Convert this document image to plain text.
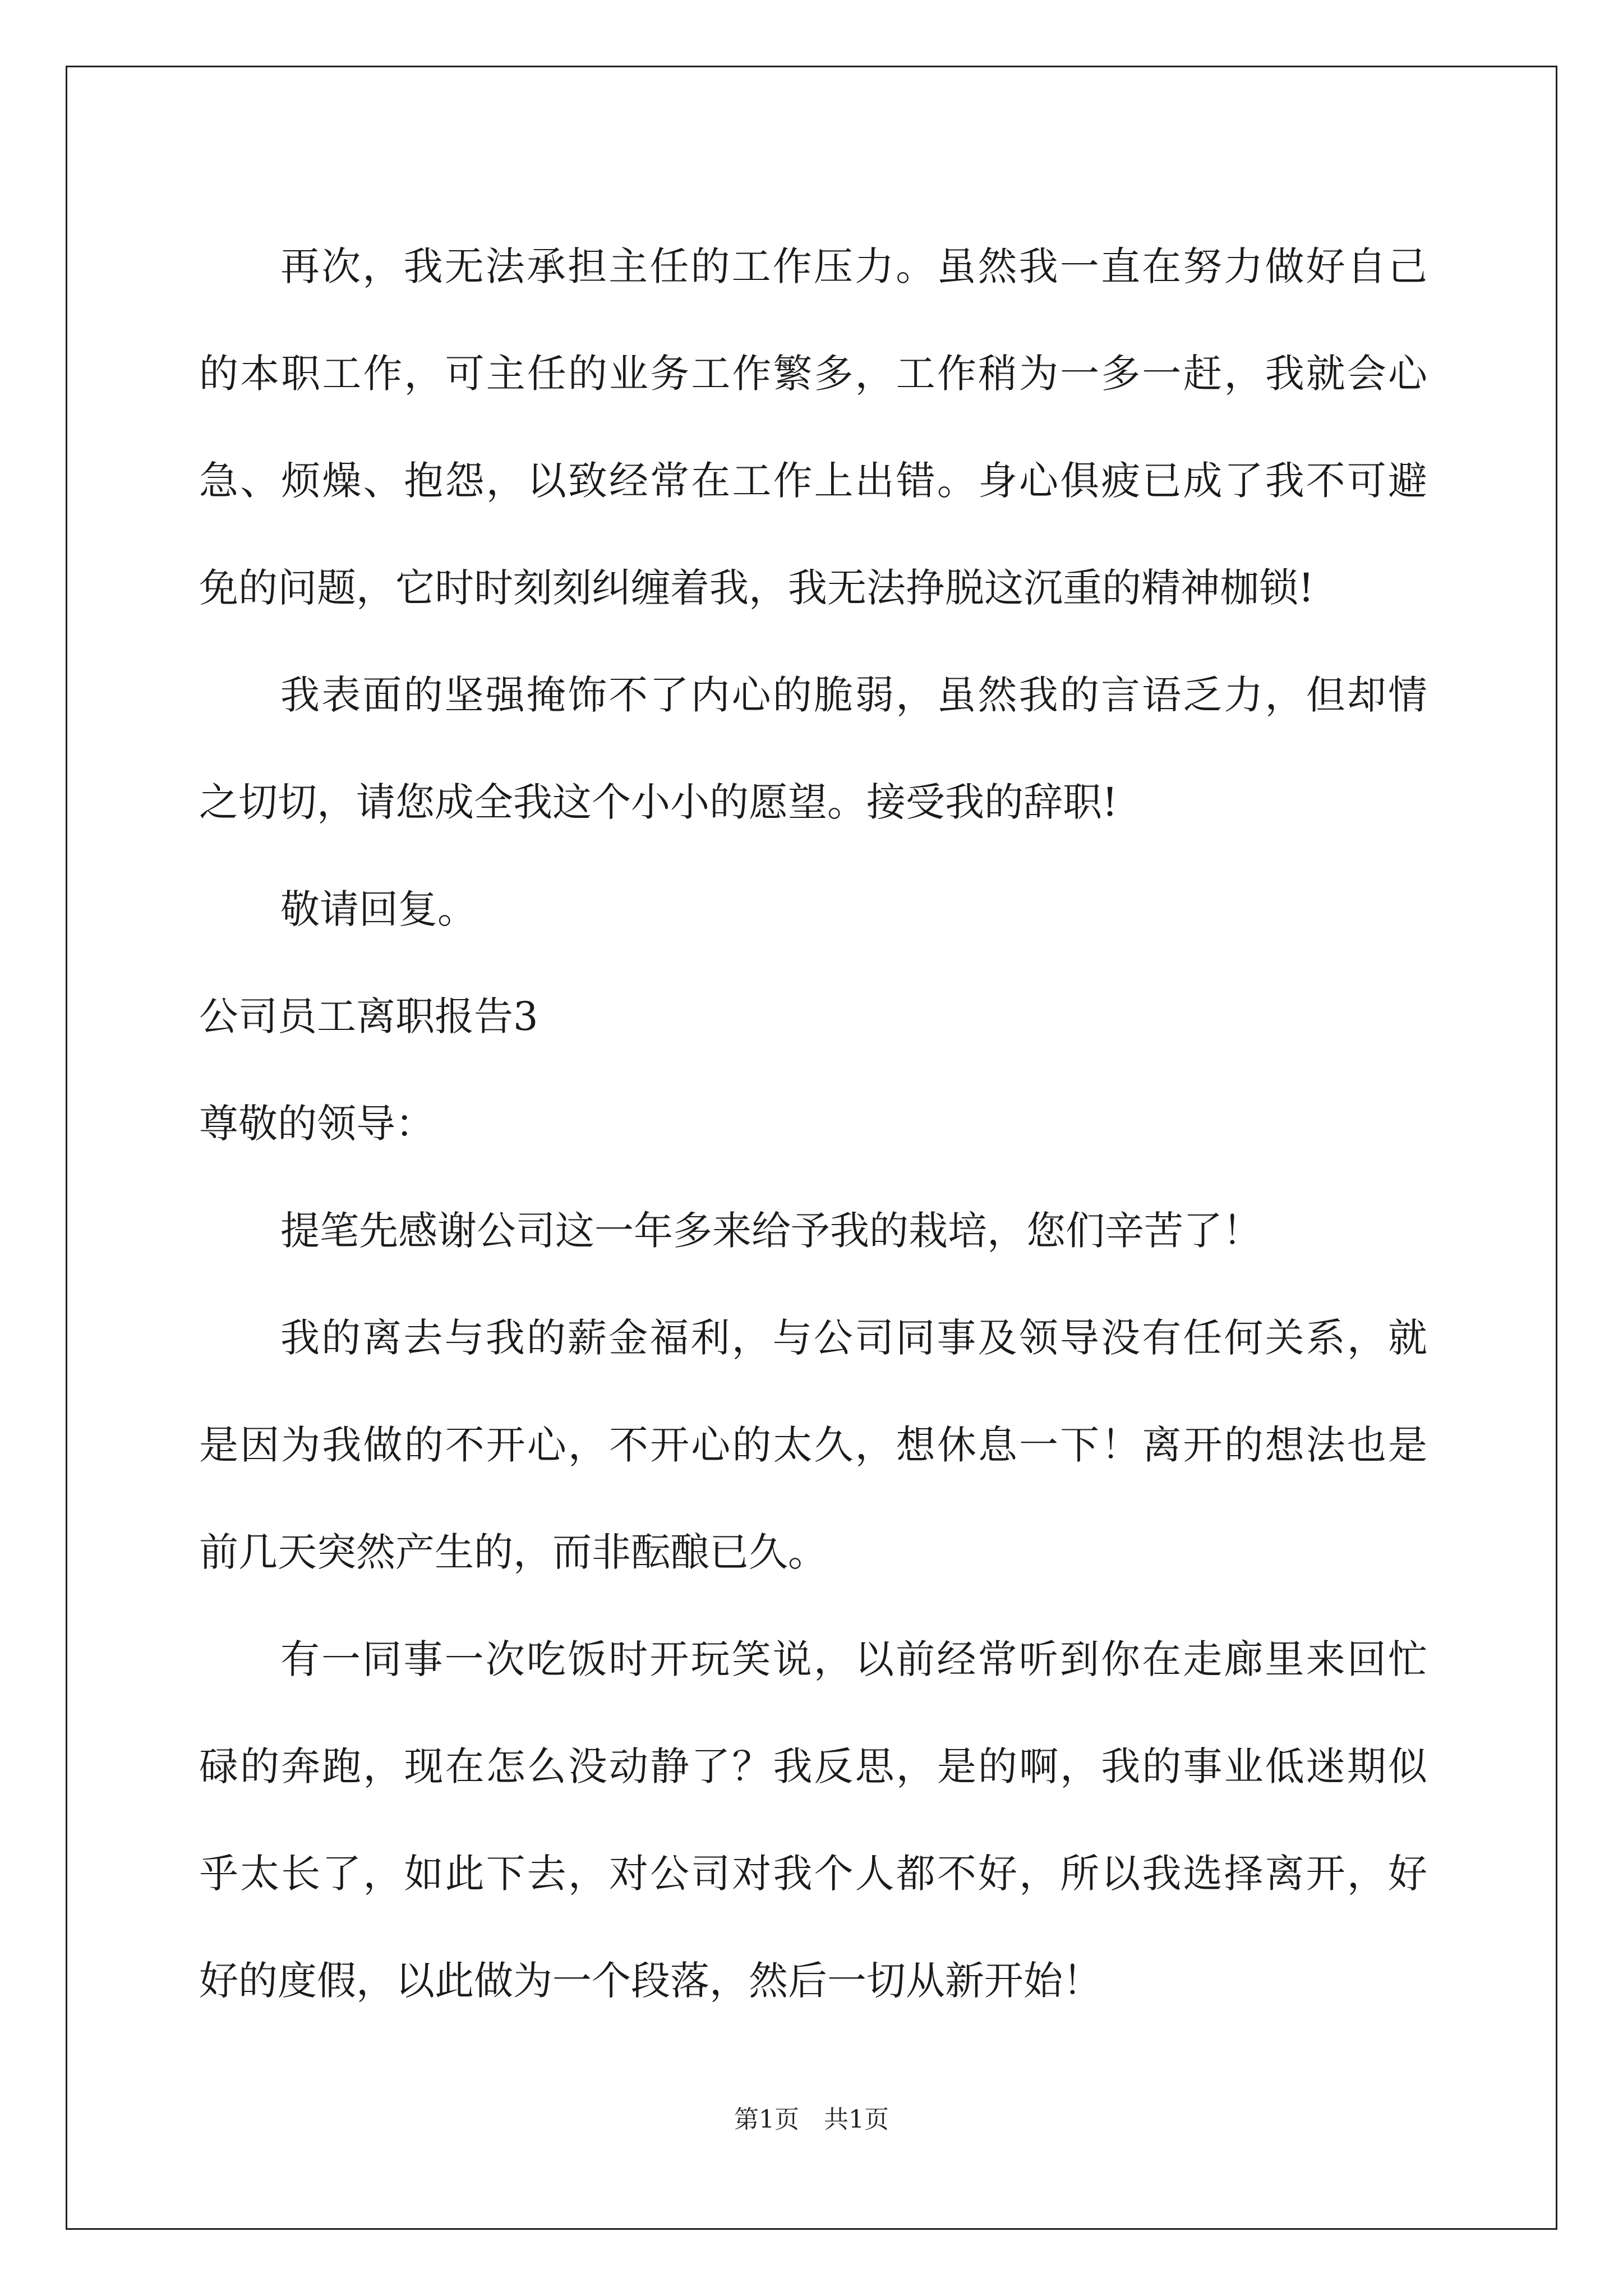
再次，我无法承担主任的工作压力。虽然我一直在努力做好自己
的本职工作，可主任的业务工作繁多，工作稍为一多一赶，我就会心
急、烦燥、抱怨，以致经常在工作上出错。身心俱疲已成了我不可避
免的问题，它时时刻刻纠缠着我，我无法挣脱这沉重的精神枷锁!
我表面的坚强掩饰不了内心的脆弱，虽然我的言语乏力，但却情
之切切，请您成全我这个小小的愿望。接受我的辞职!
敬请回复。
公司员工离职报告3
尊敬的领导：
提笔先感谢公司这一年多来给予我的栽培，您们辛苦了！
我的离去与我的薪金福利，与公司同事及领导没有任何关系，就
是因为我做的不开心，不开心的太久，想休息一下！离开的想法也是
前几天突然产生的，而非酝酿已久。
有一同事一次吃饭时开玩笑说，以前经常听到你在走廊里来回忙
碌的奔跑，现在怎么没动静了？我反思，是的啊，我的事业低迷期似
乎太长了，如此下去，对公司对我个人都不好，所以我选择离开，好
好的度假，以此做为一个段落，然后一切从新开始！
第1页　共1页
